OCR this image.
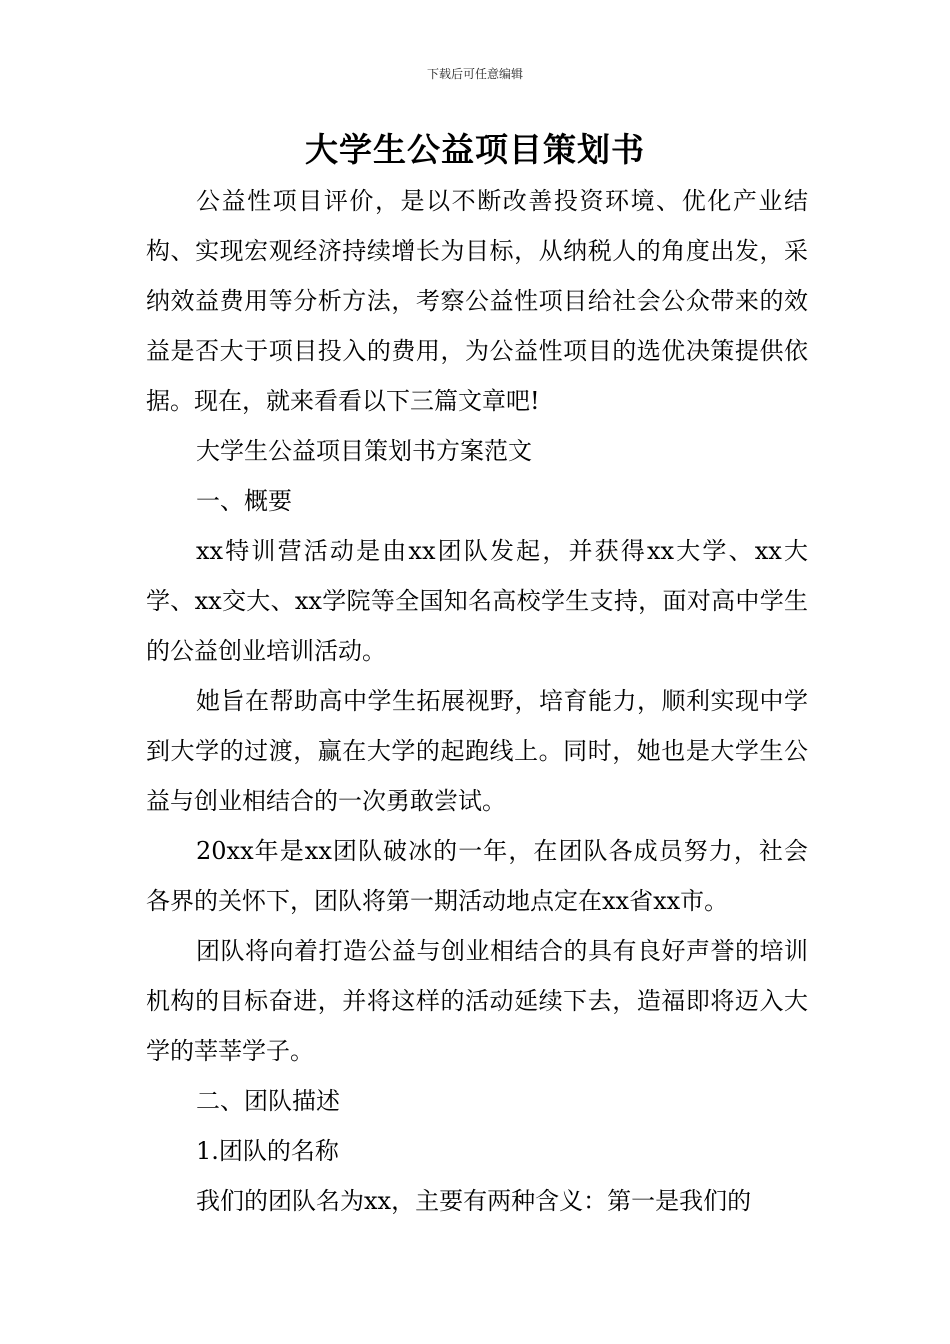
下载后可任意编辑
大学生公益项目策划书

公益性项目评价，是以不断改善投资环境、优化产业结构、实现宏观经济持续增长为目标，从纳税人的角度出发，采纳效益费用等分析方法，考察公益性项目给社会公众带来的效益是否大于项目投入的费用，为公益性项目的选优决策提供依据。现在，就来看看以下三篇文章吧!

大学生公益项目策划书方案范文

一、概要

xx特训营活动是由xx团队发起，并获得xx大学、xx大学、xx交大、xx学院等全国知名高校学生支持，面对高中学生的公益创业培训活动。

她旨在帮助高中学生拓展视野，培育能力，顺利实现中学到大学的过渡，赢在大学的起跑线上。同时，她也是大学生公益与创业相结合的一次勇敢尝试。

20xx年是xx团队破冰的一年，在团队各成员努力，社会各界的关怀下，团队将第一期活动地点定在xx省xx市。

团队将向着打造公益与创业相结合的具有良好声誉的培训机构的目标奋进，并将这样的活动延续下去，造福即将迈入大学的莘莘学子。

二、团队描述

1.团队的名称

我们的团队名为xx，主要有两种含义：第一是我们的
